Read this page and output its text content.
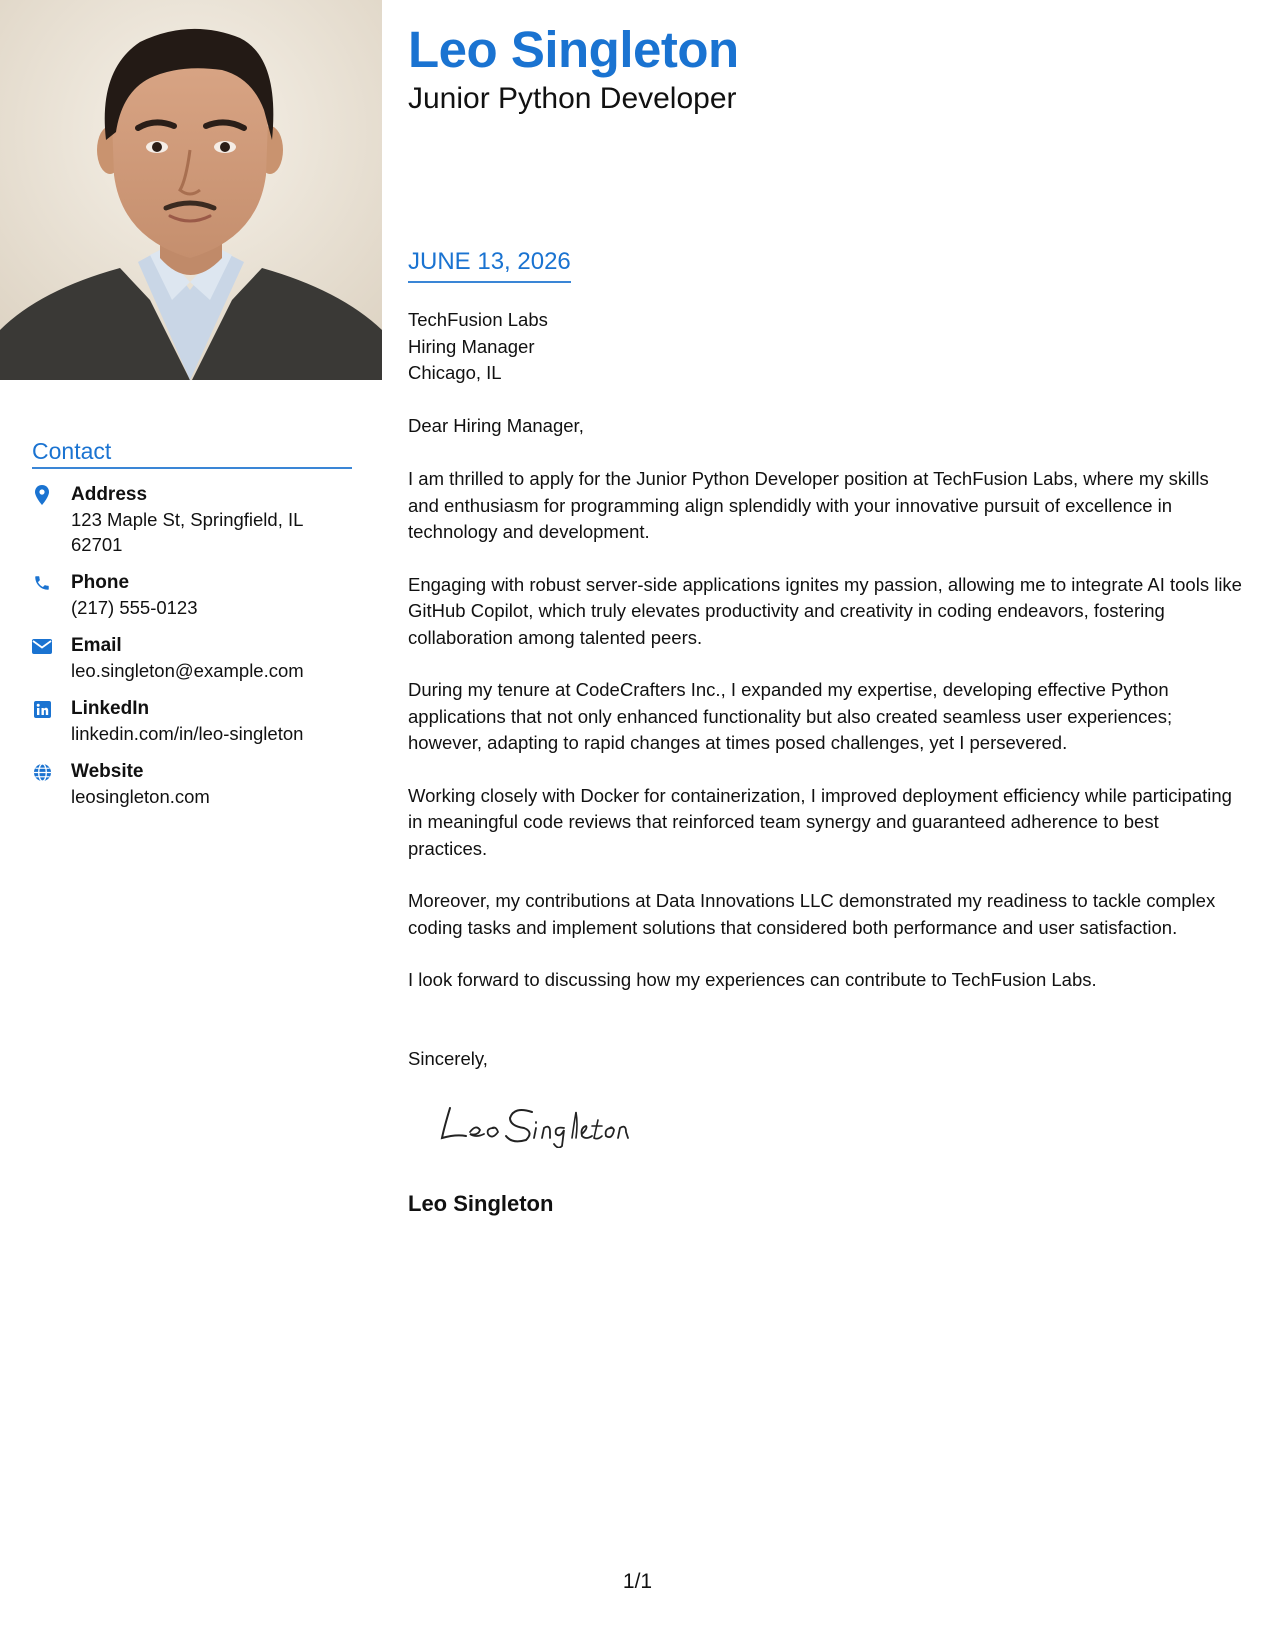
Contact
Address
123 Maple St, Springfield, IL 62701
Phone
(217) 555-0123
Email
leo.singleton@example.com
LinkedIn
linkedin.com/in/leo-singleton
Website
leosingleton.com
Leo Singleton
Junior Python Developer
JUNE 13, 2026
TechFusion Labs
Hiring Manager
Chicago, IL
Dear Hiring Manager,

I am thrilled to apply for the Junior Python Developer position at TechFusion Labs, where my skills and enthusiasm for programming align splendidly with your innovative pursuit of excellence in technology and development.

Engaging with robust server-side applications ignites my passion, allowing me to integrate AI tools like GitHub Copilot, which truly elevates productivity and creativity in coding endeavors, fostering collaboration among talented peers.

During my tenure at CodeCrafters Inc., I expanded my expertise, developing effective Python applications that not only enhanced functionality but also created seamless user experiences; however, adapting to rapid changes at times posed challenges, yet I persevered.

Working closely with Docker for containerization, I improved deployment efficiency while participating in meaningful code reviews that reinforced team synergy and guaranteed adherence to best practices.

Moreover, my contributions at Data Innovations LLC demonstrated my readiness to tackle complex coding tasks and implement solutions that considered both performance and user satisfaction.

I look forward to discussing how my experiences can contribute to TechFusion Labs.

Sincerely,
Leo Singleton
1/1
